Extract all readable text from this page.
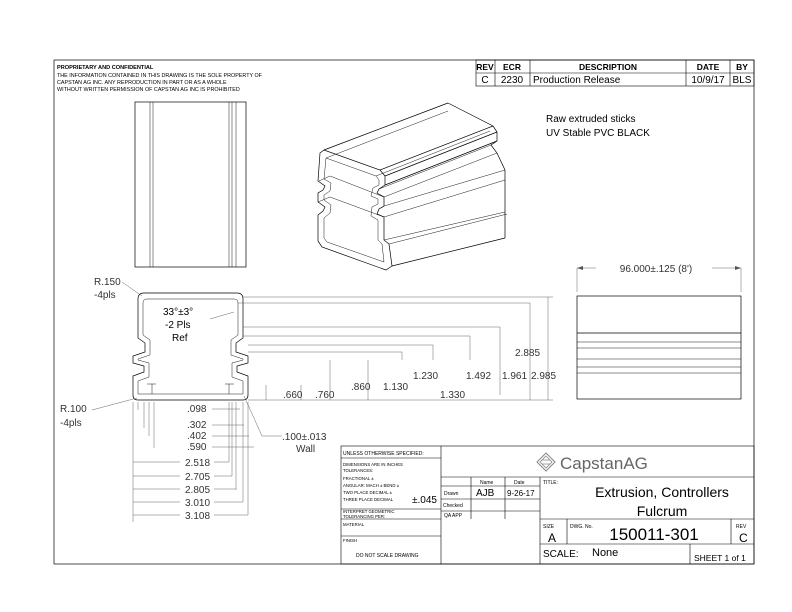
PROPRIETARY AND CONFIDENTIAL
THE INFORMATION CONTAINED IN THIS DRAWING IS THE SOLE PROPERTY OF
CAPSTAN AG INC. ANY REPRODUCTION IN PART OR AS A WHOLE
WITHOUT WRITTEN PERMISSION OF CAPSTAN AG INC IS PROHIBITED
REV ECR	DESCRIPTION	DATE BY
C 2230 Production Release	10/9/17 BLS
Raw extruded sticks
UV Stable PVC BLACK
96.000±.125 (8')
R.150
-4pls
R.100
-4pls
33°±3°
-2 Pls
Ref
.660 .760
.860 1.130
1.230
1.330
1.492 1.961
2.885
2.985
.098
.302
.402
.590
2.518
2.705
2.805
3.010
3.108
.100±.013
Wall	UNLESS OTHERWISE SPECIFIED:
DIMENSIONS ARE IN INCHES
TOLERANCES:
FRACTIONAL ±
ANGULAR: MACH ± BEND ±
TWO PLACE DECIMAL ±
THREE PLACE DECIMAL ±.045
INTERPRET GEOMETRIC
TOLERANCING PER:
MATERIAL
FINISH
DO NOT SCALE DRAWING
Name	Date
Drawn AJB 9-26-17
Checked
QA APP
CapstanAG
TITLE:
Extrusion, Controllers
Fulcrum
SIZE
A
DWG. No. 150011-301	REV
C
SCALE: None	SHEET 1 of 1
